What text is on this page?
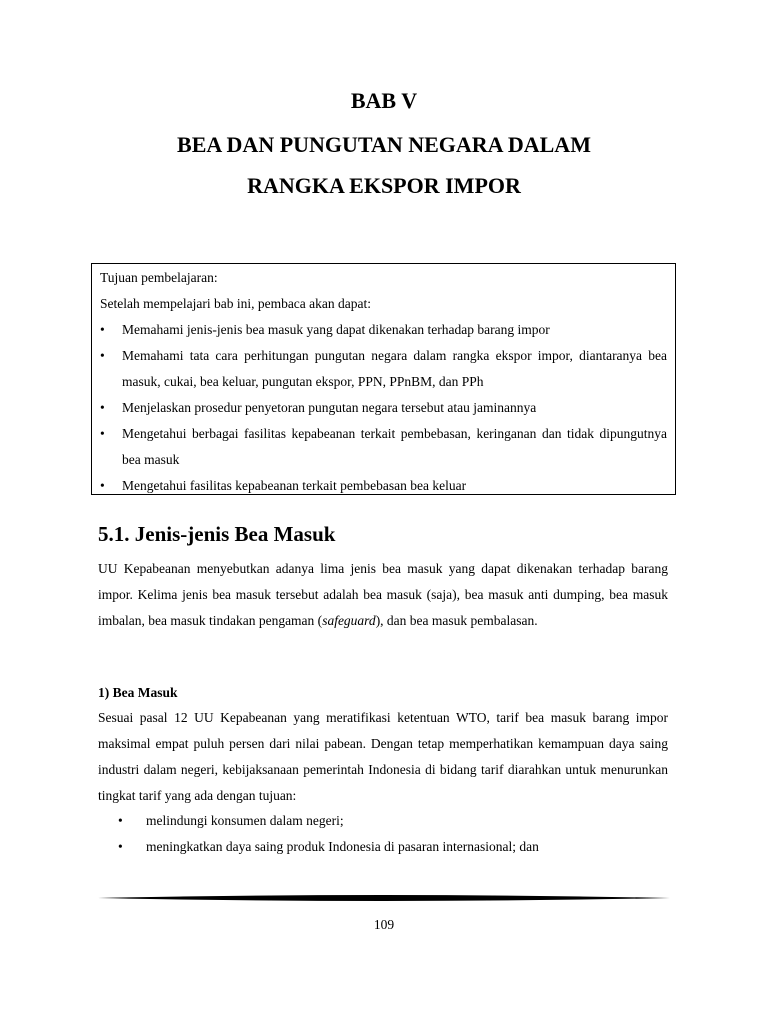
BAB V
BEA DAN PUNGUTAN NEGARA DALAM
RANGKA EKSPOR IMPOR
Tujuan pembelajaran:
Setelah mempelajari bab ini, pembaca akan dapat:
• Memahami jenis-jenis bea masuk yang dapat dikenakan terhadap barang impor
• Memahami tata cara perhitungan pungutan negara dalam rangka ekspor impor, diantaranya bea masuk, cukai, bea keluar, pungutan ekspor, PPN, PPnBM, dan PPh
• Menjelaskan prosedur penyetoran pungutan negara tersebut atau jaminannya
• Mengetahui berbagai fasilitas kepabeanan terkait pembebasan, keringanan dan tidak dipungutnya bea masuk
• Mengetahui fasilitas kepabeanan terkait pembebasan bea keluar
5.1. Jenis-jenis Bea Masuk

UU Kepabeanan menyebutkan adanya lima jenis bea masuk yang dapat dikenakan terhadap barang impor. Kelima jenis bea masuk tersebut adalah bea masuk (saja), bea masuk anti dumping, bea masuk imbalan, bea masuk tindakan pengaman (safeguard), dan bea masuk pembalasan.

1) Bea Masuk

Sesuai pasal 12 UU Kepabeanan yang meratifikasi ketentuan WTO, tarif bea masuk barang impor maksimal empat puluh persen dari nilai pabean. Dengan tetap memperhatikan kemampuan daya saing industri dalam negeri, kebijaksanaan pemerintah Indonesia di bidang tarif diarahkan untuk menurunkan tingkat tarif yang ada dengan tujuan:

• melindungi konsumen dalam negeri;
• meningkatkan daya saing produk Indonesia di pasaran internasional; dan
109
